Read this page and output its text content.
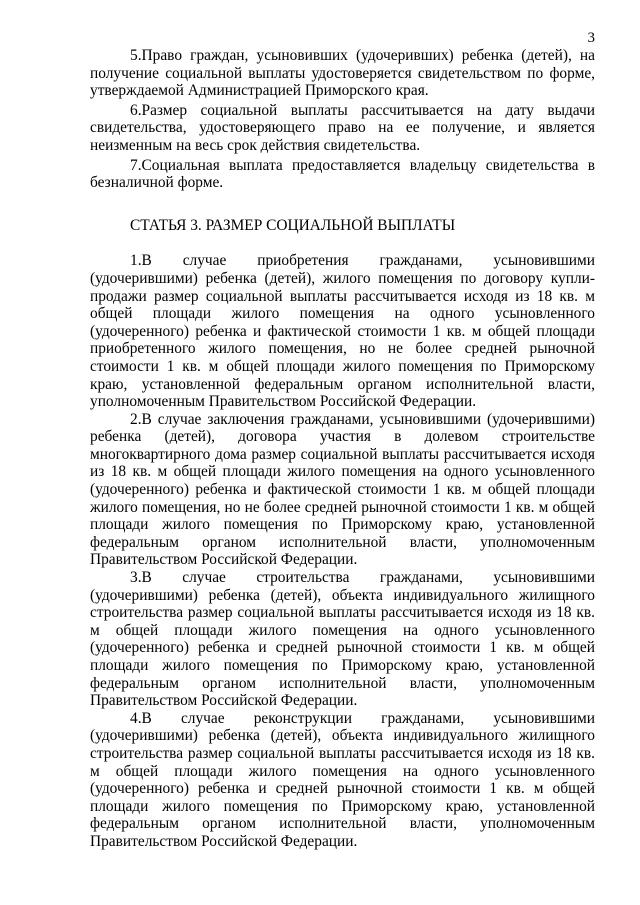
3

5.Право граждан, усыновивших (удочеривших) ребенка (детей), на получение социальной выплаты удостоверяется свидетельством по форме, утверждаемой Администрацией Приморского края.

6.Размер социальной выплаты рассчитывается на дату выдачи свидетельства, удостоверяющего право на ее получение, и является неизменным на весь срок действия свидетельства.

7.Социальная выплата предоставляется владельцу свидетельства в безналичной форме.

СТАТЬЯ 3. РАЗМЕР СОЦИАЛЬНОЙ ВЫПЛАТЫ

1.В случае приобретения гражданами, усыновившими (удочерившими) ребенка (детей), жилого помещения по договору купли-продажи размер социальной выплаты рассчитывается исходя из 18 кв. м общей площади жилого помещения на одного усыновленного (удочеренного) ребенка и фактической стоимости 1 кв. м общей площади приобретенного жилого помещения, но не более средней рыночной стоимости 1 кв. м общей площади жилого помещения по Приморскому краю, установленной федеральным органом исполнительной власти, уполномоченным Правительством Российской Федерации.

2.В случае заключения гражданами, усыновившими (удочерившими) ребенка (детей), договора участия в долевом строительстве многоквартирного дома размер социальной выплаты рассчитывается исходя из 18 кв. м общей площади жилого помещения на одного усыновленного (удочеренного) ребенка и фактической стоимости 1 кв. м общей площади жилого помещения, но не более средней рыночной стоимости 1 кв. м общей площади жилого помещения по Приморскому краю, установленной федеральным органом исполнительной власти, уполномоченным Правительством Российской Федерации.

3.В случае строительства гражданами, усыновившими (удочерившими) ребенка (детей), объекта индивидуального жилищного строительства размер социальной выплаты рассчитывается исходя из 18 кв. м общей площади жилого помещения на одного усыновленного (удочеренного) ребенка и средней рыночной стоимости 1 кв. м общей площади жилого помещения по Приморскому краю, установленной федеральным органом исполнительной власти, уполномоченным Правительством Российской Федерации.

4.В случае реконструкции гражданами, усыновившими (удочерившими) ребенка (детей), объекта индивидуального жилищного строительства размер социальной выплаты рассчитывается исходя из 18 кв. м общей площади жилого помещения на одного усыновленного (удочеренного) ребенка и средней рыночной стоимости 1 кв. м общей площади жилого помещения по Приморскому краю, установленной федеральным органом исполнительной власти, уполномоченным Правительством Российской Федерации.
